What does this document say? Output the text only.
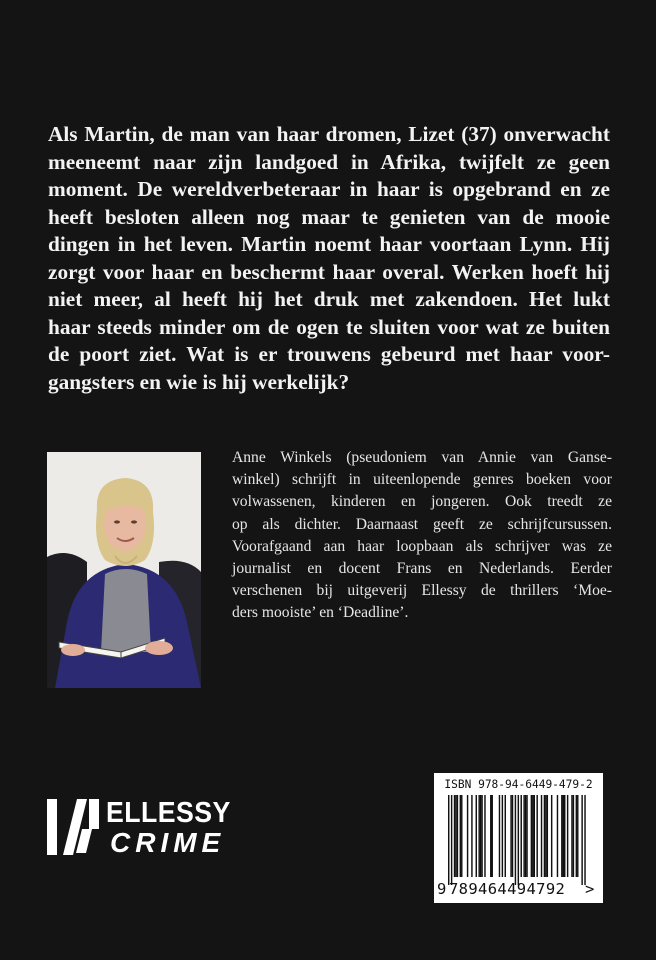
Als Martin, de man van haar dromen, Lizet (37) onverwacht
meeneemt naar zijn landgoed in Afrika, twijfelt ze geen
moment. De wereldverbeteraar in haar is opgebrand en ze
heeft besloten alleen nog maar te genieten van de mooie
dingen in het leven. Martin noemt haar voortaan Lynn. Hij
zorgt voor haar en beschermt haar overal. Werken hoeft hij
niet meer, al heeft hij het druk met zakendoen. Het lukt
haar steeds minder om de ogen te sluiten voor wat ze buiten
de poort ziet. Wat is er trouwens gebeurd met haar voor-
gangsters en wie is hij werkelijk?
Anne Winkels (pseudoniem van Annie van Ganse-
winkel) schrijft in uiteenlopende genres boeken voor
volwassenen, kinderen en jongeren. Ook treedt ze
op als dichter. Daarnaast geeft ze schrijfcursussen.
Voorafgaand aan haar loopbaan als schrijver was ze
journalist en docent Frans en Nederlands. Eerder
verschenen bij uitgeverij Ellessy de thrillers ‘Moe-
ders mooiste’ en ‘Deadline’.
ELLESSY
CRIME
ISBN 978-94-6449-479-2
9 789464494792 >
